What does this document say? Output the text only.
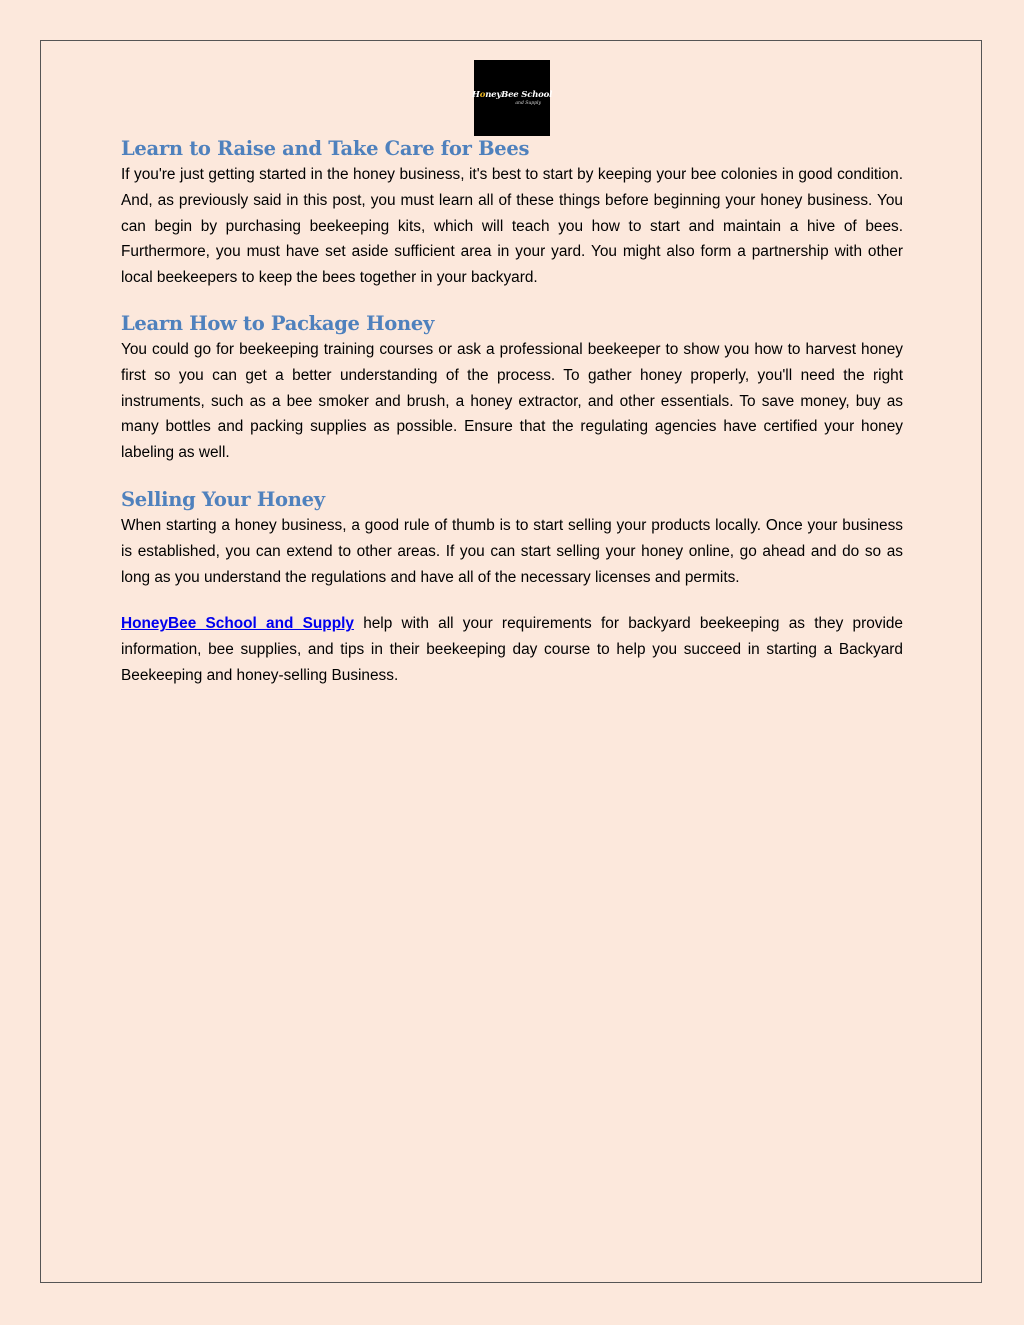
HoneyBee School
and Supply
Learn to Raise and Take Care for Bees

If you're just getting started in the honey business, it's best to start by keeping your bee colonies in good condition. And, as previously said in this post, you must learn all of these things before beginning your honey business. You can begin by purchasing beekeeping kits, which will teach you how to start and maintain a hive of bees. Furthermore, you must have set aside sufficient area in your yard. You might also form a partnership with other local beekeepers to keep the bees together in your backyard.

Learn How to Package Honey

You could go for beekeeping training courses or ask a professional beekeeper to show you how to harvest honey first so you can get a better understanding of the process. To gather honey properly, you'll need the right instruments, such as a bee smoker and brush, a honey extractor, and other essentials. To save money, buy as many bottles and packing supplies as possible. Ensure that the regulating agencies have certified your honey labeling as well.

Selling Your Honey

When starting a honey business, a good rule of thumb is to start selling your products locally. Once your business is established, you can extend to other areas. If you can start selling your honey online, go ahead and do so as long as you understand the regulations and have all of the necessary licenses and permits.

HoneyBee School and Supply help with all your requirements for backyard beekeeping as they provide information, bee supplies, and tips in their beekeeping day course to help you succeed in starting a Backyard Beekeeping and honey-selling Business.
